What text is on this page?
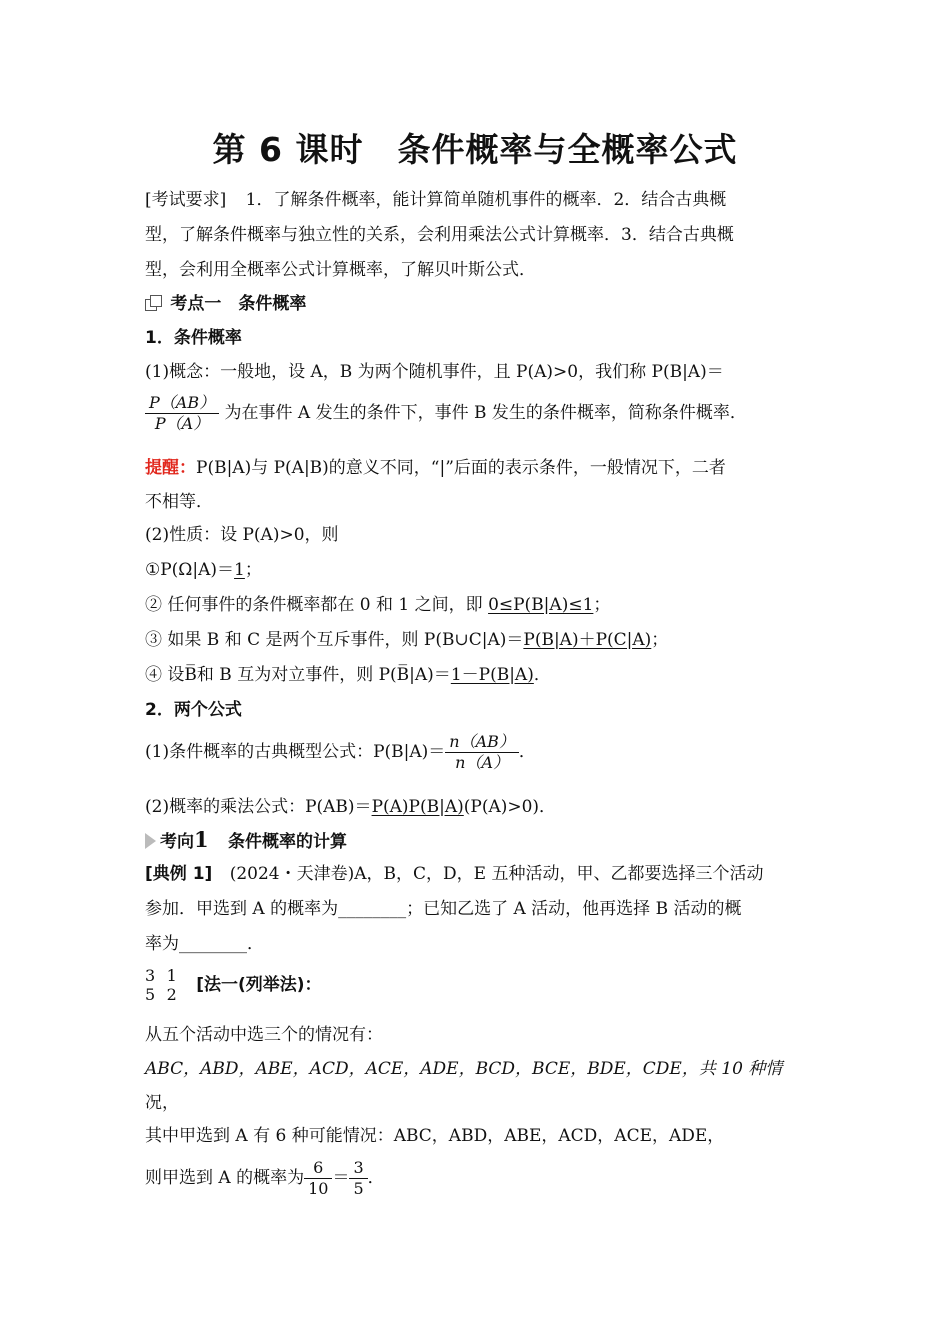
第 6 课时　条件概率与全概率公式
[考试要求] 1．了解条件概率，能计算简单随机事件的概率．2．结合古典概
型，了解条件概率与独立性的关系，会利用乘法公式计算概率．3．结合古典概
型，会利用全概率公式计算概率，了解贝叶斯公式．
考点一　条件概率
1．条件概率
(1)概念：一般地，设 A，B 为两个随机事件，且 P(A)>0，我们称 P(B|A)＝
$\frac{P(AB)}{P(A)}$ 为在事件 A 发生的条件下，事件 B 发生的条件概率，简称条件概率．
提醒：P(B|A)与 P(A|B)的意义不同，“|”后面的表示条件，一般情况下，二者
不相等．
(2)性质：设 P(A)>0，则
①P(Ω|A)＝1；
② 任何事件的条件概率都在 0 和 1 之间，即 0≤P(B|A)≤1；
③ 如果 B 和 C 是两个互斥事件，则 P(B∪C|A)＝P(B|A)＋P(C|A)；
④ 设B̅和 B 互为对立事件，则 P(B̅|A)＝1－P(B|A)．
2．两个公式
(1)条件概率的古典概型公式：$P(B|A)= \frac{n(AB)}{n(A)}$ ．
(2)概率的乘法公式：P(AB)＝P(A)P(B|A)(P(A)>0)．
考向1 条件概率的计算
[典例 1] (2024・天津卷)A，B，C，D，E 五种活动，甲、乙都要选择三个活动
参加．甲选到 A 的概率为________；已知乙选了 A 活动，他再选择 B 活动的概
率为________．
3
5

1
2 [法一(列举法)：
从五个活动中选三个的情况有：
ABC，ABD，ABE，ACD，ACE，ADE，BCD，BCE，BDE，CDE，共 10 种情
况，
其中甲选到 A 有 6 种可能情况：ABC，ABD，ABE，ACD，ACE，ADE，
则甲选到 A 的概率为 $\frac{6}{10} = \frac{3}{5}$ ．
